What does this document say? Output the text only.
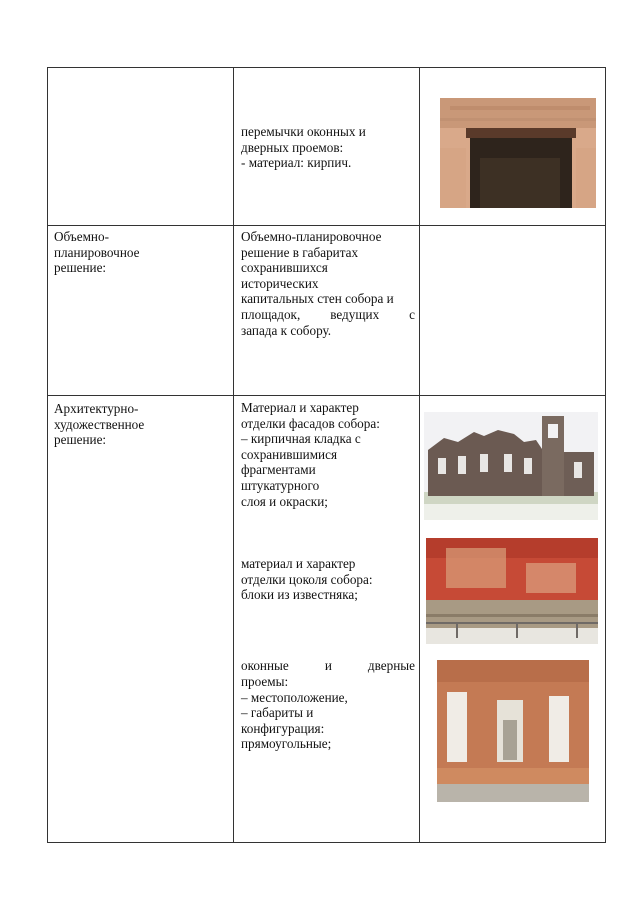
перемычки оконных и
дверных проемов:
- материал: кирпич.
Объемно-
планировочное
решение:
Объемно-планировочное
решение в габаритах
сохранившихся
исторических
капитальных стен собора и
площадок, ведущих с
запада к собору.
Архитектурно-
художественное
решение:
Материал и характер
отделки фасадов собора:
– кирпичная кладка с
сохранившимися
фрагментами
штукатурного
слоя и окраски;
материал и характер
отделки цоколя собора:
блоки из известняка;
оконные	и	дверные
проемы:
– местоположение,
– габариты и
конфигурация:
прямоугольные;
